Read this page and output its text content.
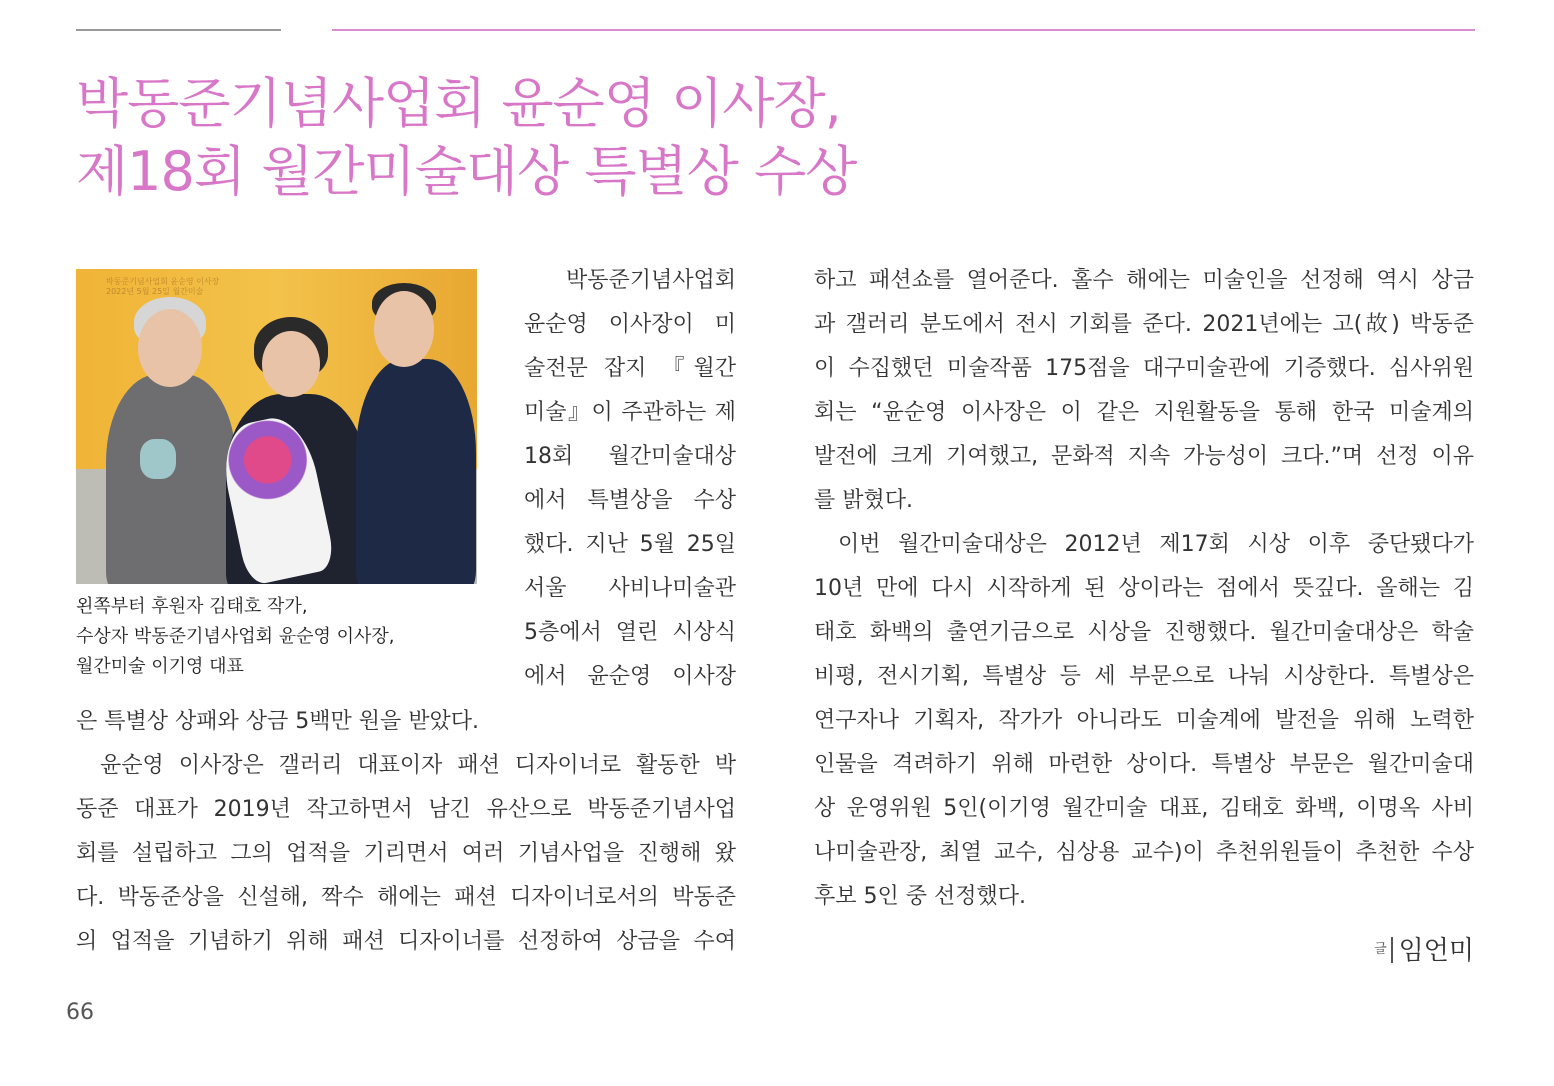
박동준기념사업회 윤순영 이사장,
제18회 월간미술대상 특별상 수상
박동준기념사업회 윤순영 이사장
2022년 5월 25일 월간미술
왼쪽부터 후원자 김태호 작가,
수상자 박동준기념사업회 윤순영 이사장,
월간미술 이기영 대표
박동준기념사업회
윤순영 이사장이 미
술전문 잡지 『월간
미술』이 주관하는 제
18회 월간미술대상
에서 특별상을 수상
했다. 지난 5월 25일
서울 사비나미술관
5층에서 열린 시상식
에서 윤순영 이사장
은 특별상 상패와 상금 5백만 원을 받았다.
윤순영 이사장은 갤러리 대표이자 패션 디자이너로 활동한 박
동준 대표가 2019년 작고하면서 남긴 유산으로 박동준기념사업
회를 설립하고 그의 업적을 기리면서 여러 기념사업을 진행해 왔
다. 박동준상을 신설해, 짝수 해에는 패션 디자이너로서의 박동준
의 업적을 기념하기 위해 패션 디자이너를 선정하여 상금을 수여
하고 패션쇼를 열어준다. 홀수 해에는 미술인을 선정해 역시 상금
과 갤러리 분도에서 전시 기회를 준다. 2021년에는 고(故) 박동준
이 수집했던 미술작품 175점을 대구미술관에 기증했다. 심사위원
회는 “윤순영 이사장은 이 같은 지원활동을 통해 한국 미술계의
발전에 크게 기여했고, 문화적 지속 가능성이 크다.”며 선정 이유
를 밝혔다.
이번 월간미술대상은 2012년 제17회 시상 이후 중단됐다가
10년 만에 다시 시작하게 된 상이라는 점에서 뜻깊다. 올해는 김
태호 화백의 출연기금으로 시상을 진행했다. 월간미술대상은 학술
비평, 전시기획, 특별상 등 세 부문으로 나눠 시상한다. 특별상은
연구자나 기획자, 작가가 아니라도 미술계에 발전을 위해 노력한
인물을 격려하기 위해 마련한 상이다. 특별상 부문은 월간미술대
상 운영위원 5인(이기영 월간미술 대표, 김태호 화백, 이명옥 사비
나미술관장, 최열 교수, 심상용 교수)이 추천위원들이 추천한 수상
후보 5인 중 선정했다.
$^글$ 임언미
66
